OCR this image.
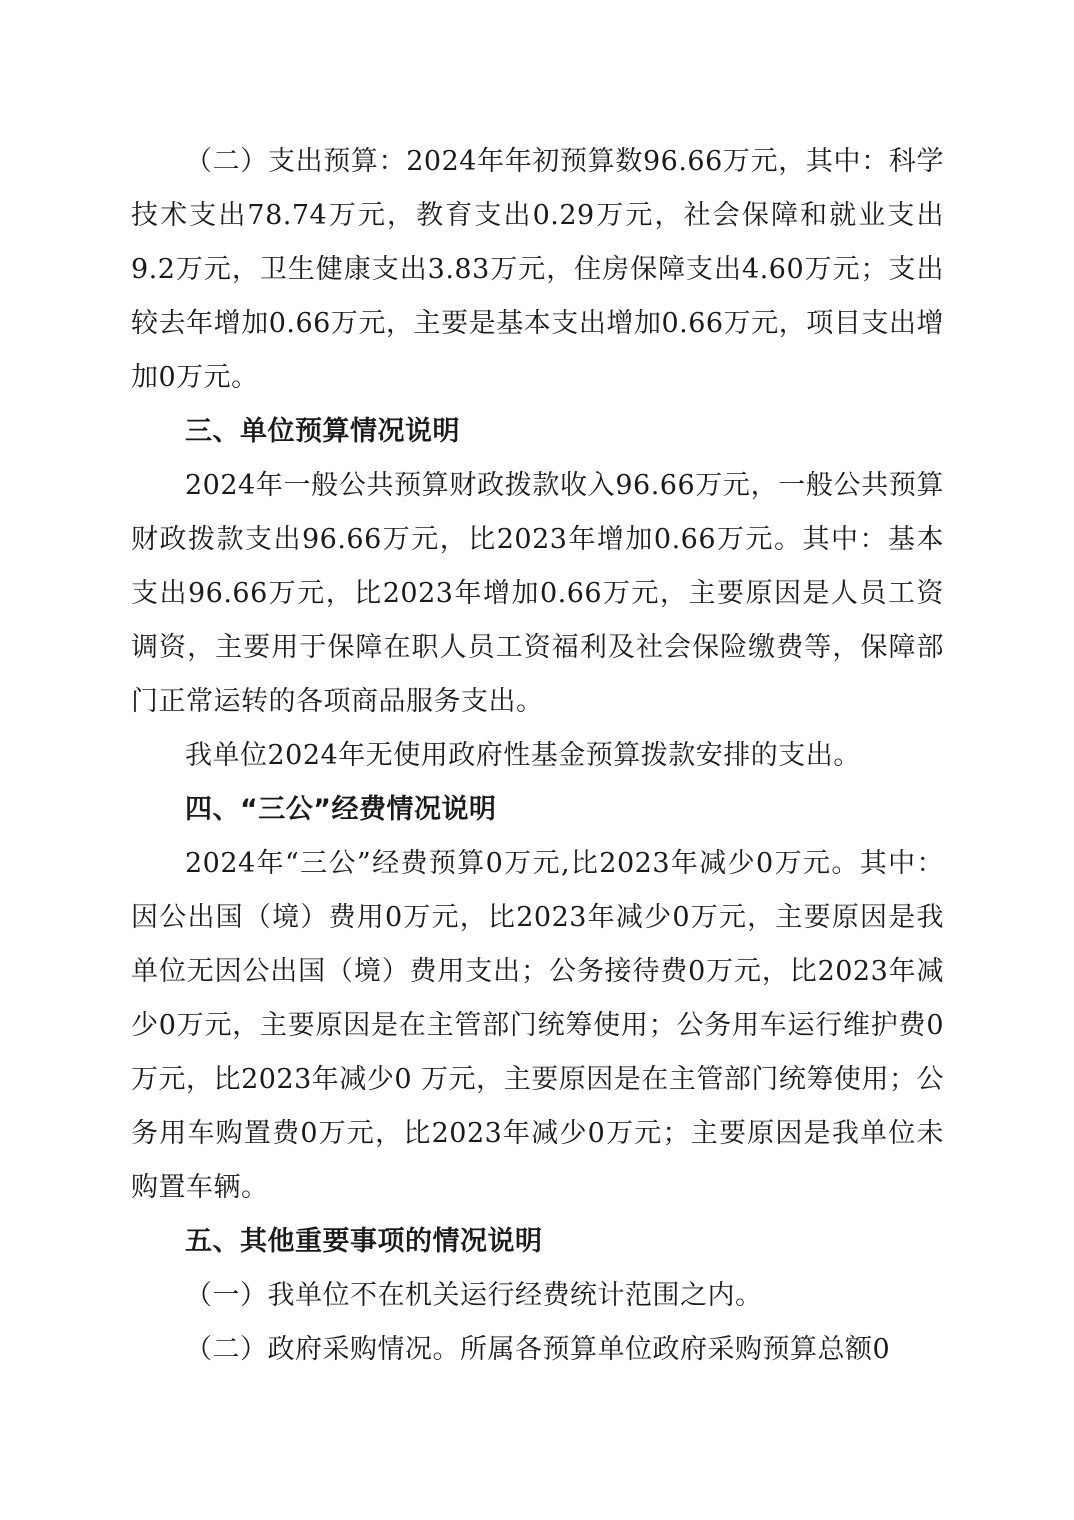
（二）支出预算：2024年年初预算数96.66万元，其中：科学技术支出78.74万元，教育支出0.29万元，社会保障和就业支出9.2万元，卫生健康支出3.83万元，住房保障支出4.60万元；支出较去年增加0.66万元，主要是基本支出增加0.66万元，项目支出增加0万元。

三、单位预算情况说明

2024年一般公共预算财政拨款收入96.66万元，一般公共预算财政拨款支出96.66万元，比2023年增加0.66万元。其中：基本支出96.66万元，比2023年增加0.66万元，主要原因是人员工资调资，主要用于保障在职人员工资福利及社会保险缴费等，保障部门正常运转的各项商品服务支出。

我单位2024年无使用政府性基金预算拨款安排的支出。

四、“三公”经费情况说明

2024年“三公”经费预算0万元,比2023年减少0万元。其中：因公出国（境）费用0万元，比2023年减少0万元，主要原因是我单位无因公出国（境）费用支出；公务接待费0万元，比2023年减少0万元，主要原因是在主管部门统筹使用；公务用车运行维护费0万元，比2023年减少0 万元，主要原因是在主管部门统筹使用；公务用车购置费0万元，比2023年减少0万元；主要原因是我单位未购置车辆。

五、其他重要事项的情况说明

（一）我单位不在机关运行经费统计范围之内。

（二）政府采购情况。所属各预算单位政府采购预算总额0
